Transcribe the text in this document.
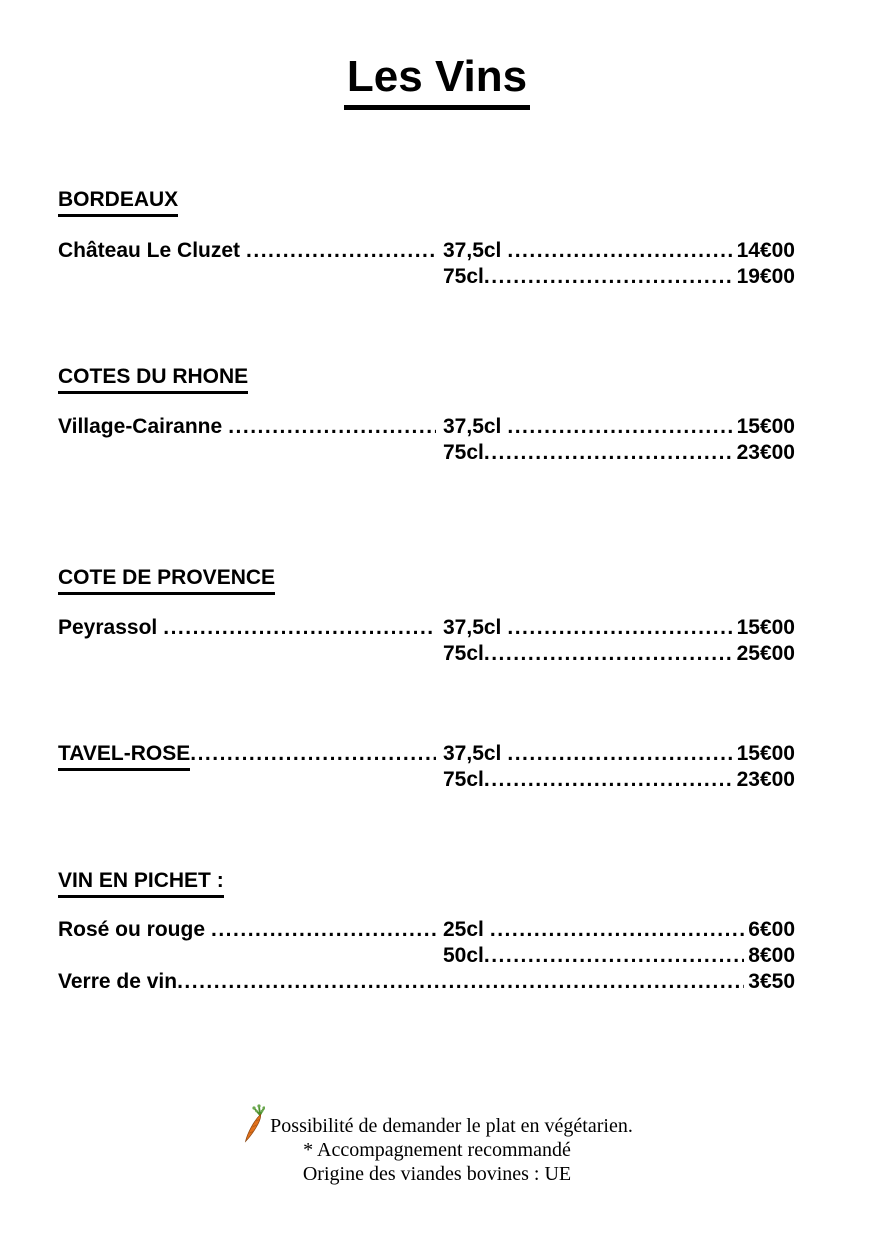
Les Vins
BORDEAUX
Château Le Cluzet .....	37,5cl .....	14€00
75cl .....	19€00
COTES DU RHONE
Village-Cairanne .....	37,5cl .....	15€00
75cl .....	23€00
COTE DE PROVENCE
Peyrassol .....	37,5cl .....	15€00
75cl .....	25€00
TAVEL-ROSE .....	37,5cl .....	15€00
75cl .....	23€00
VIN EN PICHET :
Rosé ou rouge .....	25cl .....	6€00
50cl .....	8€00
Verre de vin .....	3€50
Possibilité de demander le plat en végétarien.
* Accompagnement recommandé
Origine des viandes bovines : UE
